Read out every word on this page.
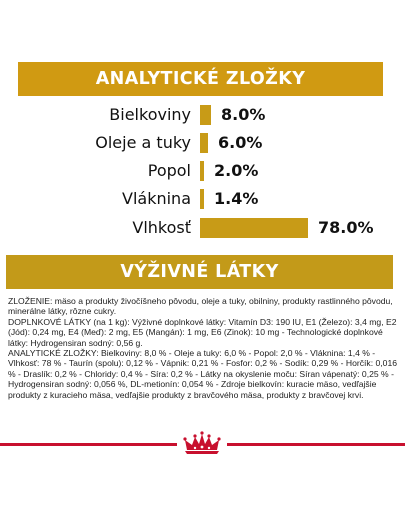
ANALYTICKÉ ZLOŽKY
Bielkoviny 8.0%
Oleje a tuky 6.0%
Popol 2.0%
Vláknina 1.4%
Vlhkosť	78.0%
VÝŽIVNÉ LÁTKY

ZLOŽENIE: mäso a produkty živočíšneho pôvodu, oleje a tuky, obilniny, produkty rastlinného pôvodu, minerálne látky, rôzne cukry.

DOPLNKOVÉ LÁTKY (na 1 kg): Výživné doplnkové látky: Vitamín D3: 190 IU, E1 (Železo): 3,4 mg, E2 (Jód): 0,24 mg, E4 (Meď): 2 mg, E5 (Mangán): 1 mg, E6 (Zinok): 10 mg - Technologické doplnkové látky: Hydrogensiran sodný: 0,56 g.

ANALYTICKÉ ZLOŽKY: Bielkoviny: 8,0 % - Oleje a tuky: 6,0 % - Popol: 2,0 % - Vláknina: 1,4 % - Vlhkosť: 78 % - Taurín (spolu): 0,12 % - Vápnik: 0,21 % - Fosfor: 0,2 % - Sodík: 0,29 % - Horčík: 0,016 % - Draslík: 0,2 % - Chloridy: 0,4 % - Síra: 0,2 % - Látky na okyslenie moču: Síran vápenatý: 0,25 % - Hydrogensiran sodný: 0,056 %, DL-metionín: 0,054 % - Zdroje bielkovín: kuracie mäso, vedľajšie produkty z kuracieho mäsa, vedľajšie produkty z bravčového mäsa, produkty z bravčovej krvi.
